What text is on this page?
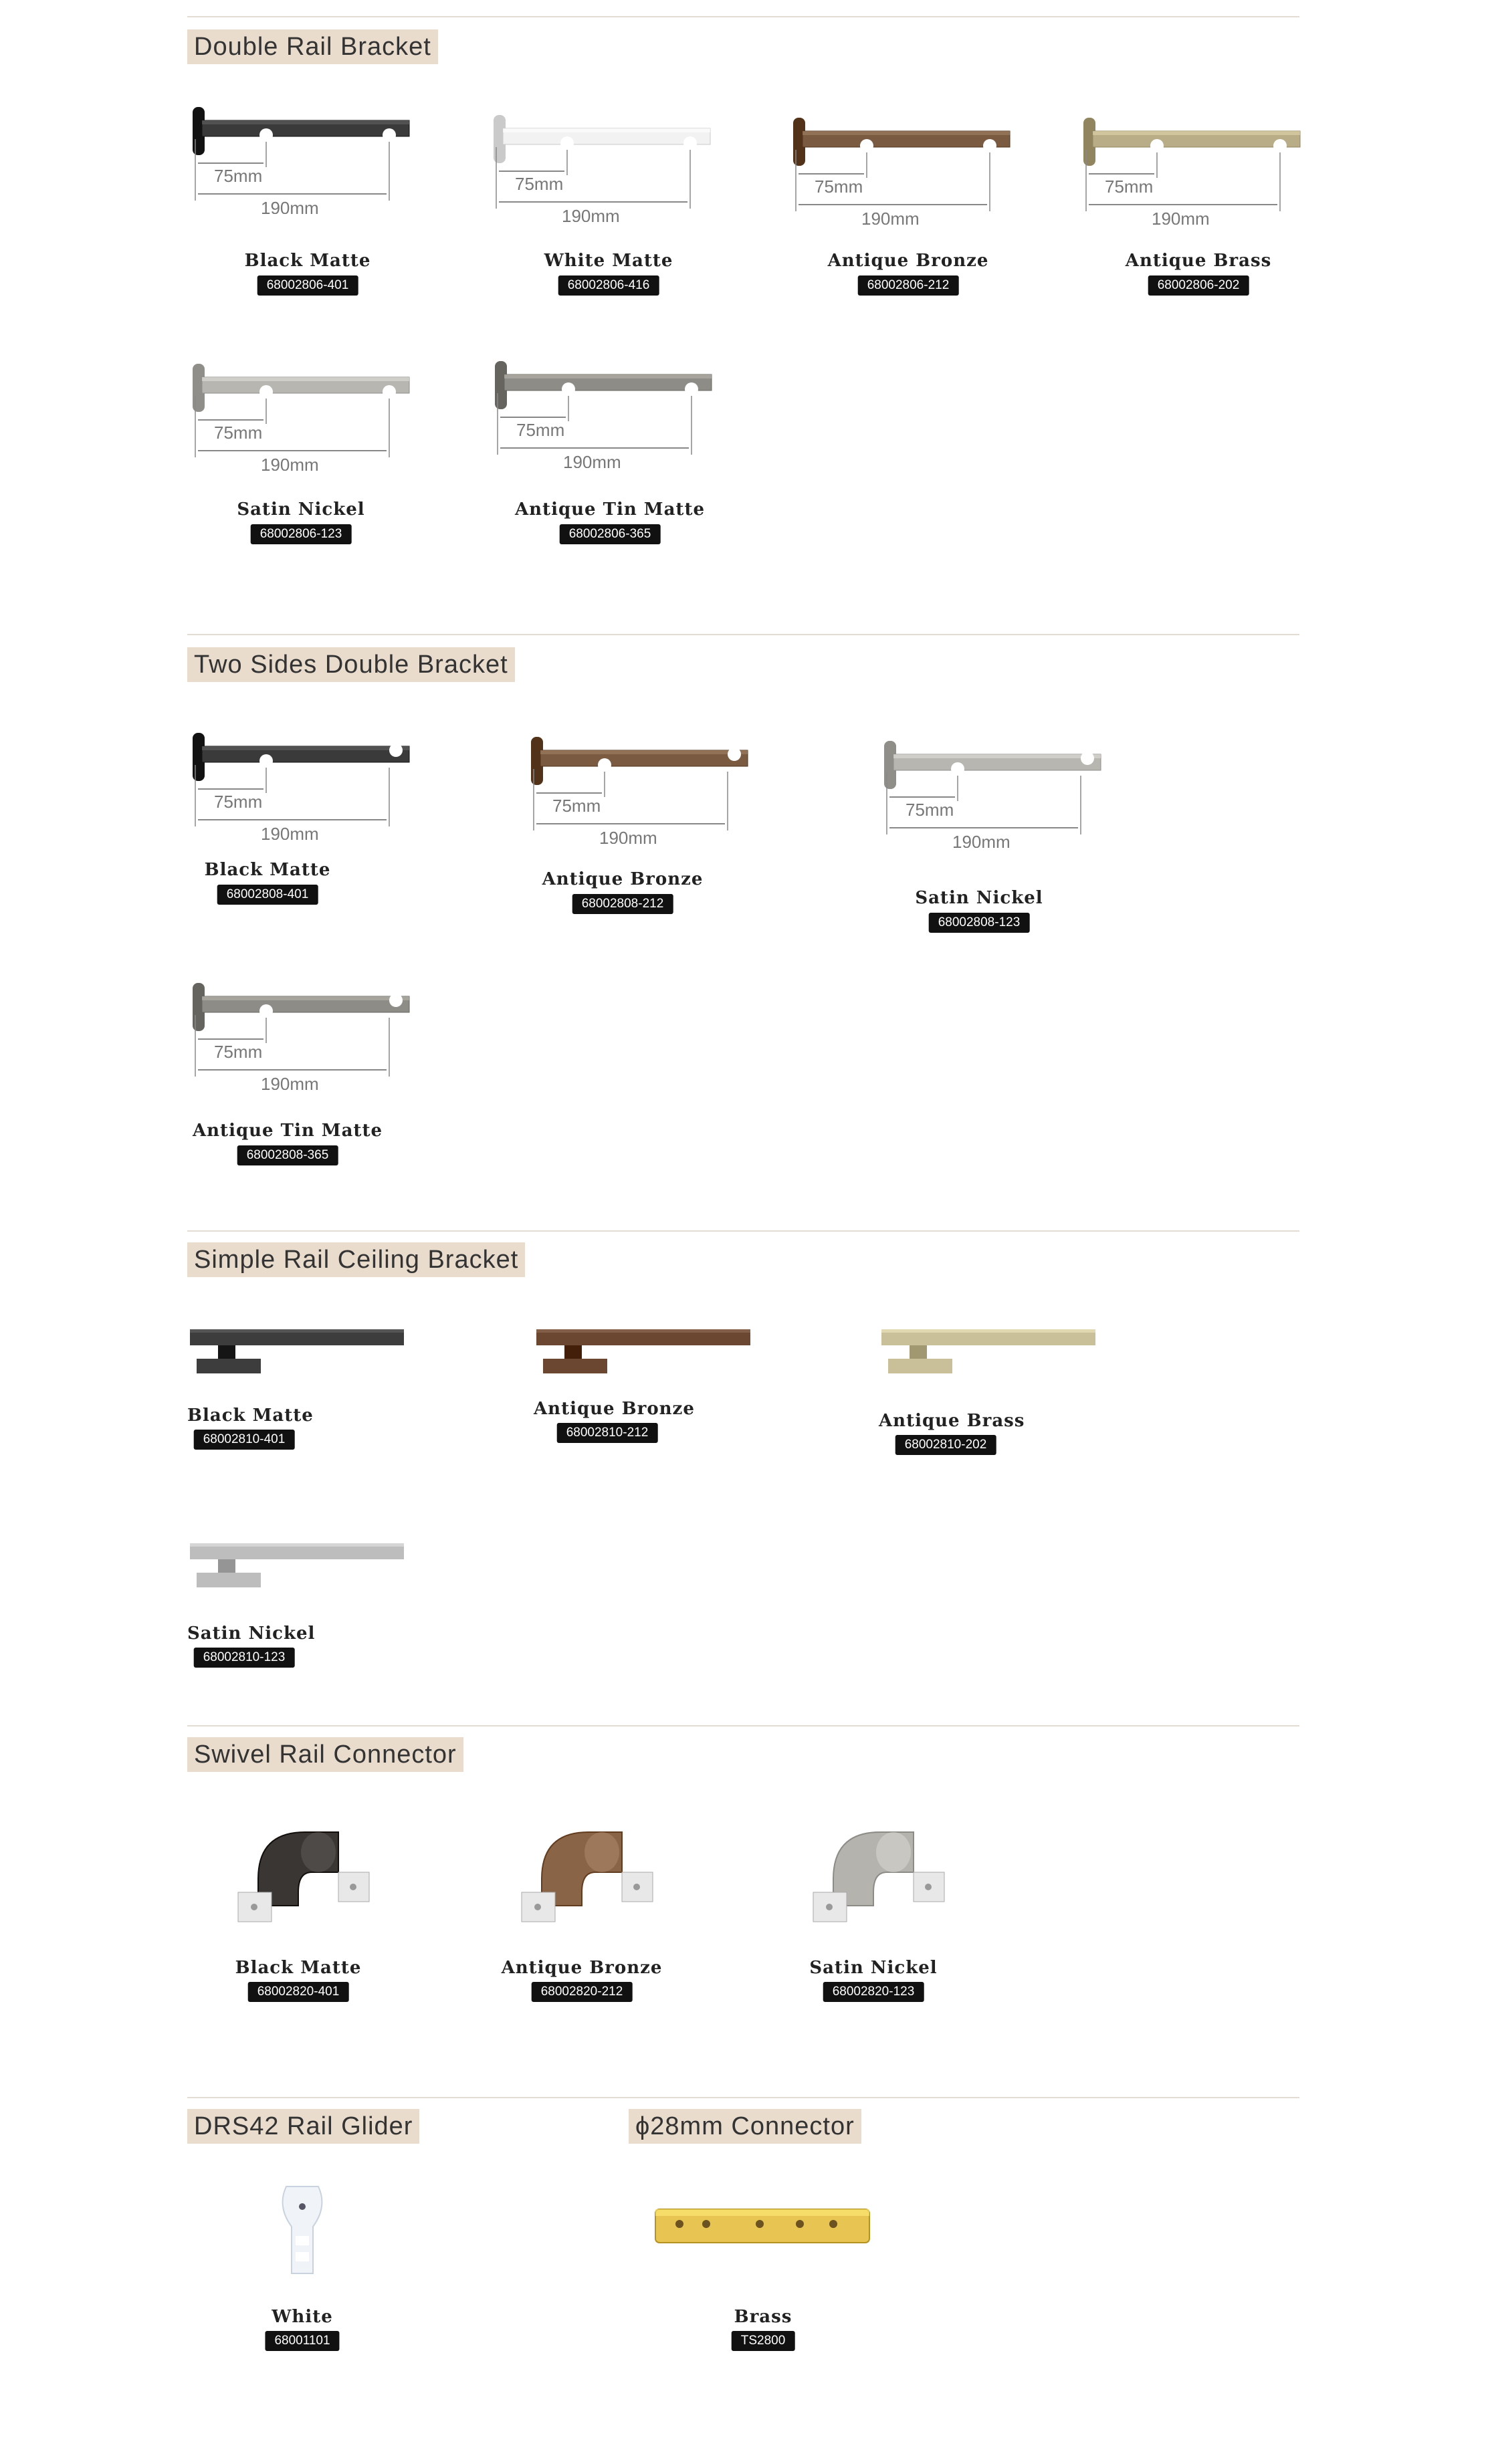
Double Rail Bracket
75mm
190mm
Black Matte
68002806-401
75mm
190mm
White Matte
68002806-416
75mm
190mm
Antique Bronze
68002806-212
75mm
190mm
Antique Brass
68002806-202
75mm
190mm
Satin Nickel
68002806-123
75mm
190mm
Antique Tin Matte
68002806-365
Two Sides Double Bracket
75mm
190mm
Black Matte
68002808-401
75mm
190mm
Antique Bronze
68002808-212
75mm
190mm
Satin Nickel
68002808-123
75mm
190mm
Antique Tin Matte
68002808-365
Simple Rail Ceiling Bracket
Black Matte
68002810-401
Antique Bronze
68002810-212
Antique Brass
68002810-202
Satin Nickel
68002810-123
Swivel Rail Connector
Black Matte
68002820-401
Antique Bronze
68002820-212
Satin Nickel
68002820-123
DRS42 Rail Glider	ϕ28mm Connector
White
68001101
Brass
TS2800
